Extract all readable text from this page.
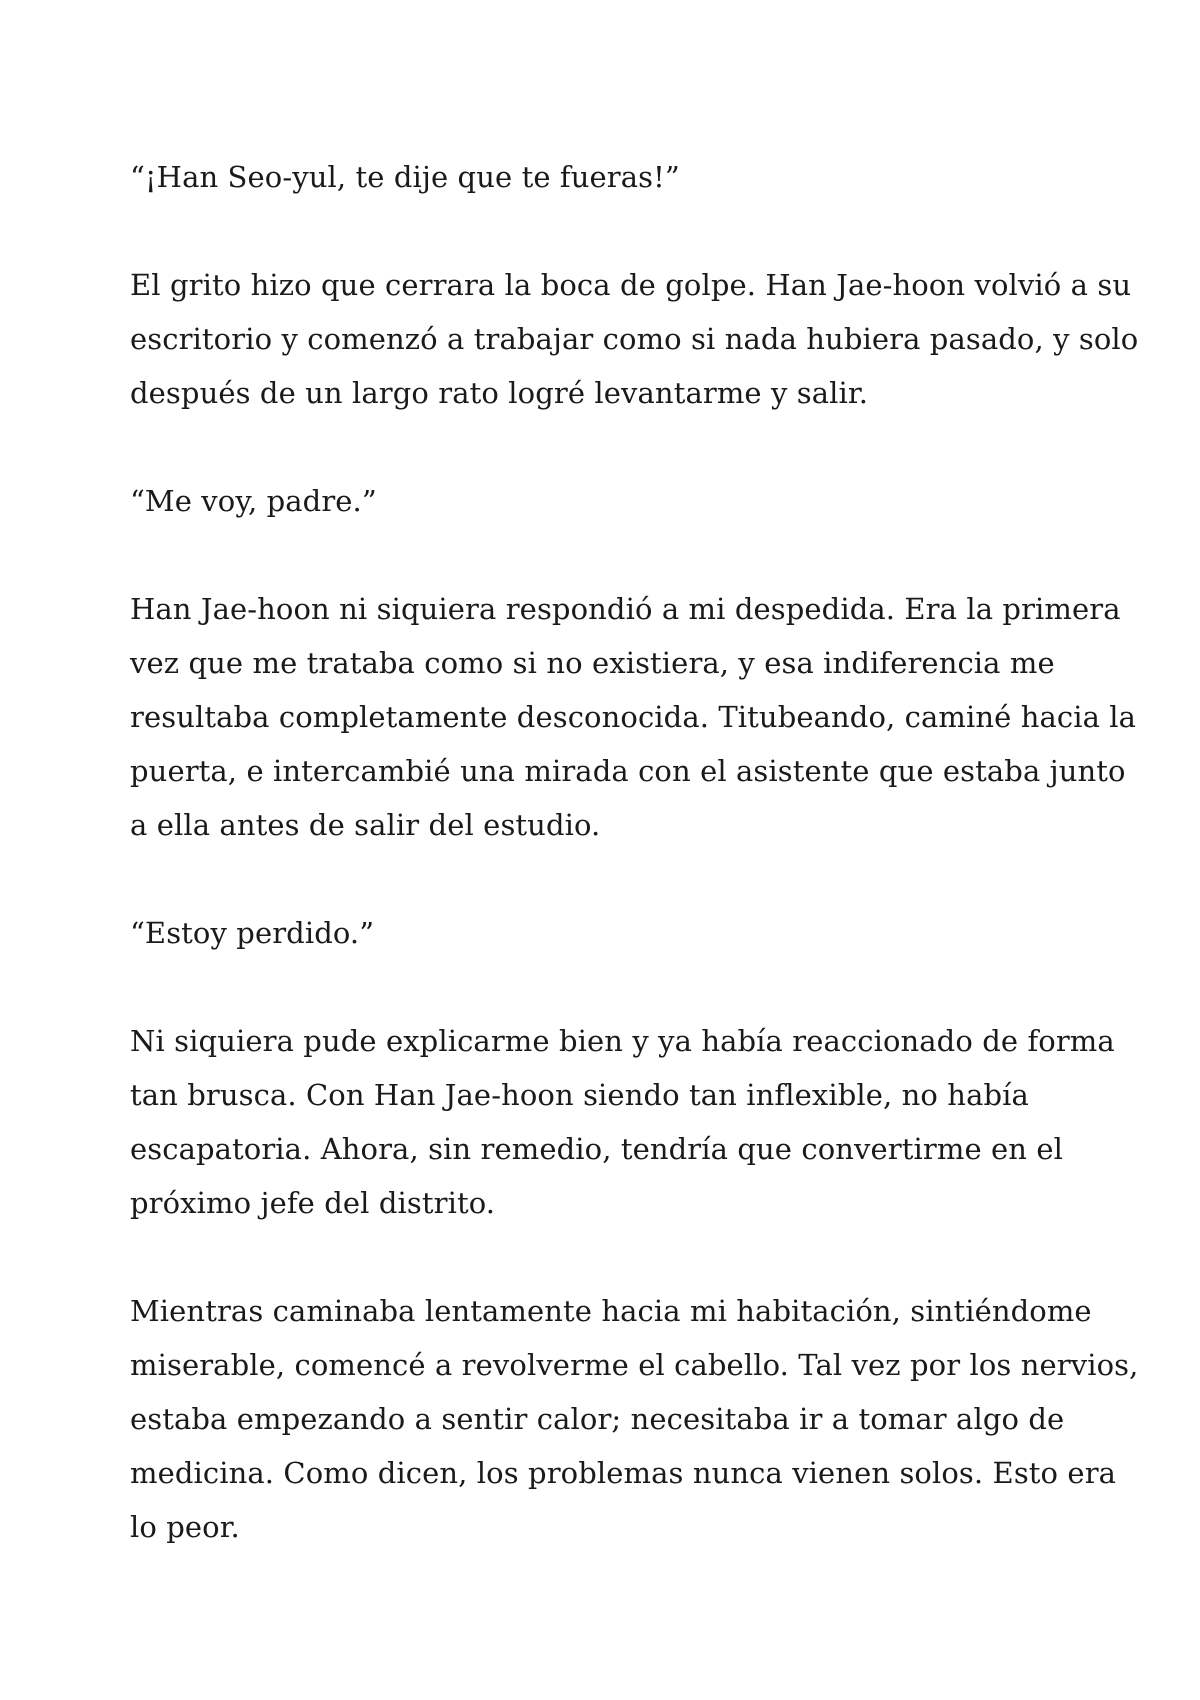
“¡Han Seo-yul, te dije que te fueras!”

El grito hizo que cerrara la boca de golpe. Han Jae-hoon volvió a su
escritorio y comenzó a trabajar como si nada hubiera pasado, y solo
después de un largo rato logré levantarme y salir.

“Me voy, padre.”

Han Jae-hoon ni siquiera respondió a mi despedida. Era la primera
vez que me trataba como si no existiera, y esa indiferencia me
resultaba completamente desconocida. Titubeando, caminé hacia la
puerta, e intercambié una mirada con el asistente que estaba junto
a ella antes de salir del estudio.

“Estoy perdido.”

Ni siquiera pude explicarme bien y ya había reaccionado de forma
tan brusca. Con Han Jae-hoon siendo tan inflexible, no había
escapatoria. Ahora, sin remedio, tendría que convertirme en el
próximo jefe del distrito.

Mientras caminaba lentamente hacia mi habitación, sintiéndome
miserable, comencé a revolverme el cabello. Tal vez por los nervios,
estaba empezando a sentir calor; necesitaba ir a tomar algo de
medicina. Como dicen, los problemas nunca vienen solos. Esto era
lo peor.
